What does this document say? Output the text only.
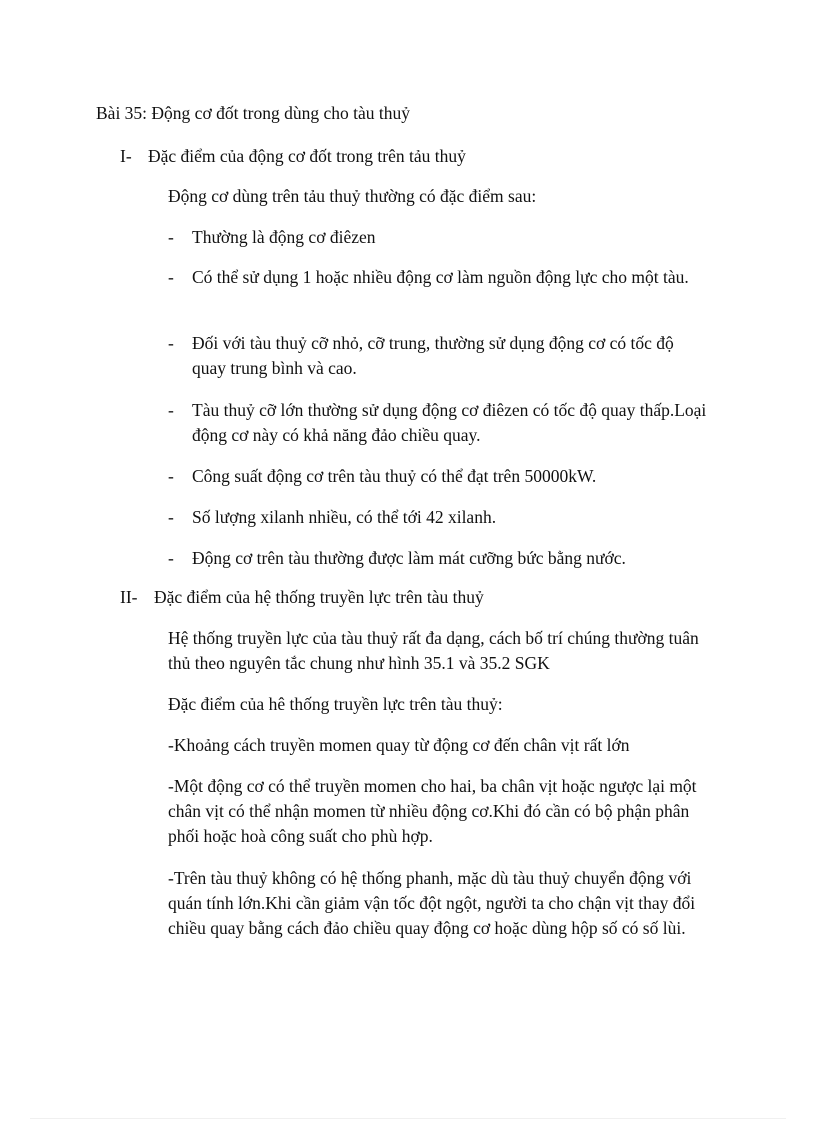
Bài 35: Động cơ đốt trong dùng cho tàu thuỷ
I- Đặc điểm của động cơ đốt trong trên tảu thuỷ
Động cơ dùng trên tảu thuỷ thường có đặc điểm sau:
-	Thường là động cơ điêzen
-	Có thể sử dụng 1 hoặc nhiều động cơ làm nguồn động lực cho một tàu.
-	Đối với tàu thuỷ cỡ nhỏ, cỡ trung, thường sử dụng động cơ có tốc độ quay trung bình và cao.
-	Tàu thuỷ cỡ lớn thường sử dụng động cơ điêzen có tốc độ quay thấp.Loại động cơ này có khả năng đảo chiều quay.
-	Công suất động cơ trên tàu thuỷ có thể đạt trên 50000kW.
-	Số lượng xilanh nhiều, có thể tới 42 xilanh.
-	Động cơ trên tàu thường được làm mát cưỡng bức bằng nước.
II- Đặc điểm của hệ thống truyền lực trên tàu thuỷ
Hệ thống truyền lực của tàu thuỷ rất đa dạng, cách bố trí chúng thường tuân thủ theo nguyên tắc chung như hình 35.1 và 35.2 SGK
Đặc điểm của hê thống truyền lực trên tàu thuỷ:
-Khoảng cách truyền momen quay từ động cơ đến chân vịt rất lớn
-Một động cơ có thể truyền momen cho hai, ba chân vịt hoặc ngược lại một chân vịt có thể nhận momen từ nhiều động cơ.Khi đó cần có bộ phận phân phối hoặc hoà công suất cho phù hợp.
-Trên tàu thuỷ không có hệ thống phanh, mặc dù tàu thuỷ chuyển động với quán tính lớn.Khi cần giảm vận tốc đột ngột, người ta cho chận vịt thay đổi chiều quay bằng cách đảo chiều quay động cơ hoặc dùng hộp số có số lùi.
